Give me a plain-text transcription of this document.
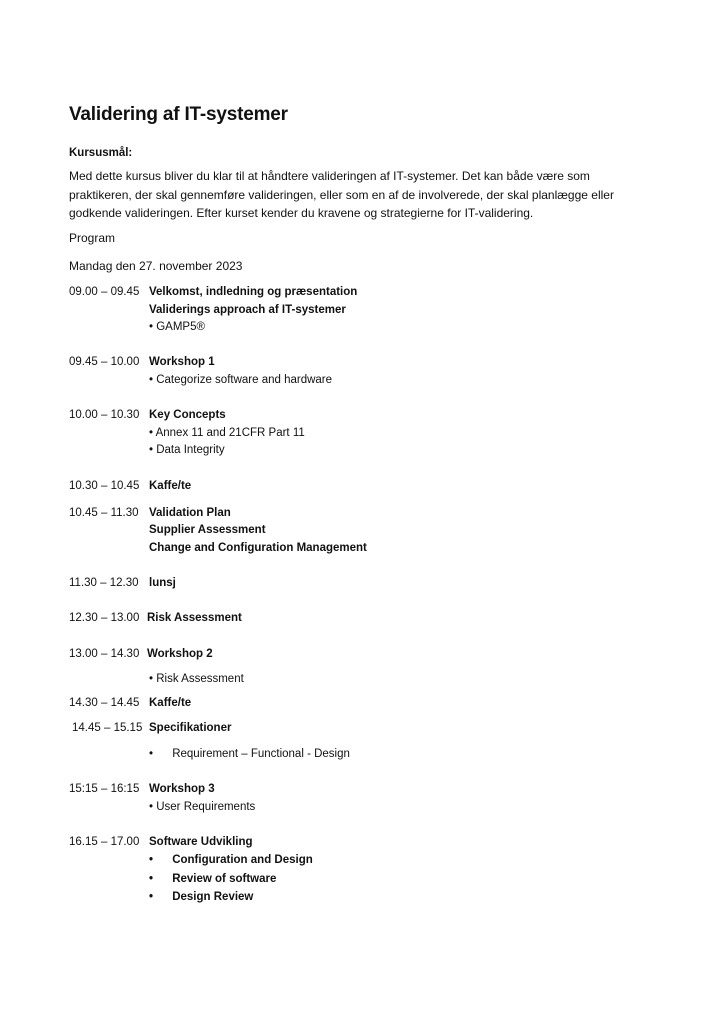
Validering af IT-systemer
Kursusmål:
Med dette kursus bliver du klar til at håndtere valideringen af IT-systemer. Det kan både være som
praktikeren, der skal gennemføre valideringen, eller som en af de involverede, der skal planlægge eller
godkende valideringen. Efter kurset kender du kravene og strategierne for IT-validering.
Program
Mandag den 27. november 2023
09.00 – 09.45 Velkomst, indledning og præsentation
Validerings approach af IT-systemer
• GAMP5®
09.45 – 10.00 Workshop 1
• Categorize software and hardware
10.00 – 10.30 Key Concepts
• Annex 11 and 21CFR Part 11
• Data Integrity
10.30 – 10.45 Kaffe/te
10.45 – 11.30 Validation Plan
Supplier Assessment
Change and Configuration Management
11.30 – 12.30 lunsj
12.30 – 13.00 Risk Assessment
13.00 – 14.30 Workshop 2
• Risk Assessment
14.30 – 14.45 Kaffe/te
14.45 – 15.15 Specifikationer
•      Requirement – Functional - Design
15:15 – 16:15 Workshop 3
• User Requirements
16.15 – 17.00 Software Udvikling
•      Configuration and Design
•      Review of software
•      Design Review
